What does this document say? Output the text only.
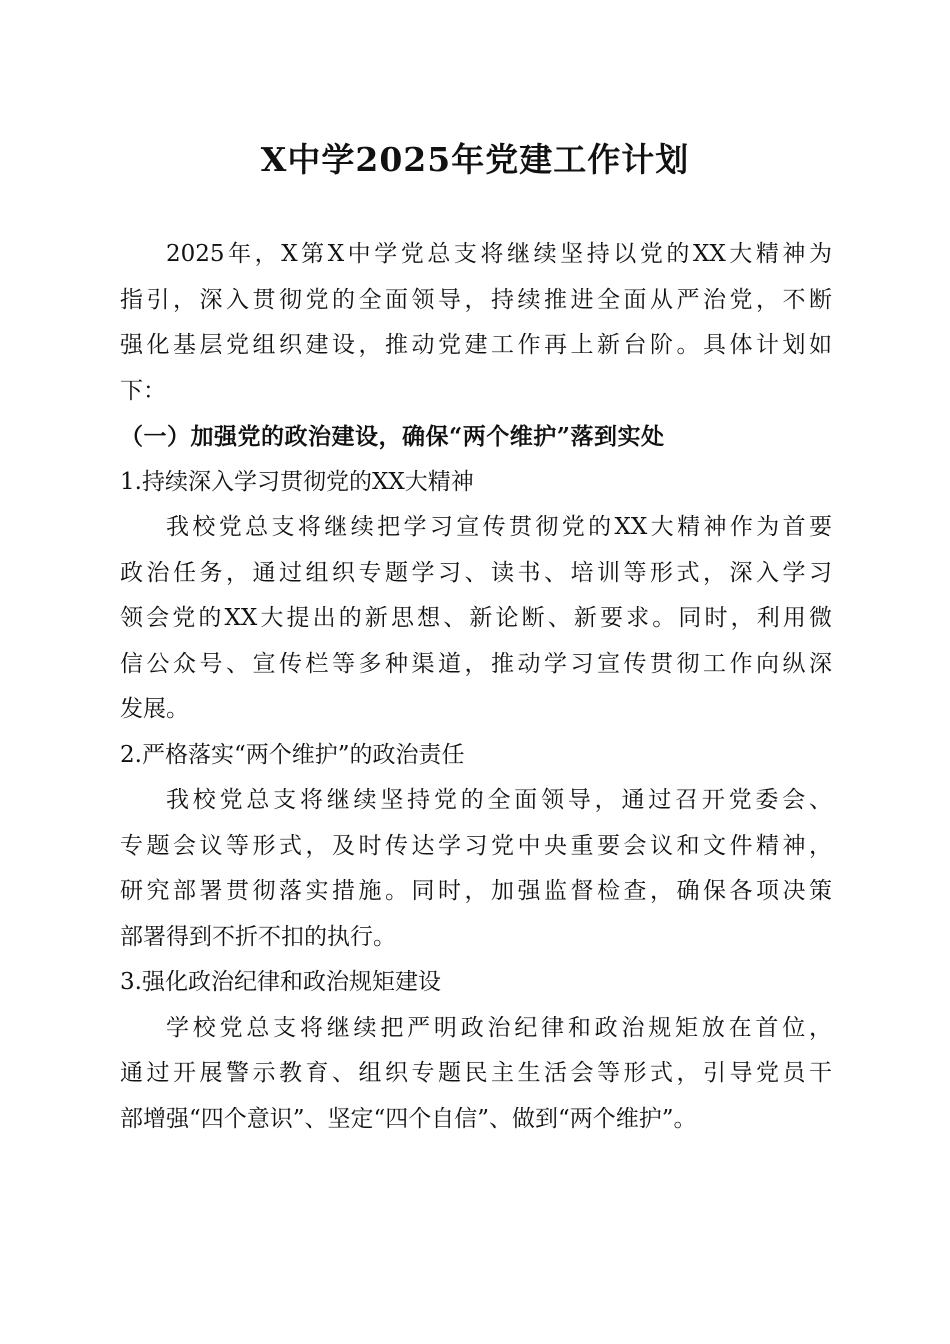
X中学2025年党建工作计划

2025年，X第X中学党总支将继续坚持以党的XX大精神为
指引，深入贯彻党的全面领导，持续推进全面从严治党，不断
强化基层党组织建设，推动党建工作再上新台阶。具体计划如
下：

（一）加强党的政治建设，确保“两个维护”落到实处

1.持续深入学习贯彻党的XX大精神

我校党总支将继续把学习宣传贯彻党的XX大精神作为首要
政治任务，通过组织专题学习、读书、培训等形式，深入学习
领会党的XX大提出的新思想、新论断、新要求。同时，利用微
信公众号、宣传栏等多种渠道，推动学习宣传贯彻工作向纵深
发展。

2.严格落实“两个维护”的政治责任

我校党总支将继续坚持党的全面领导，通过召开党委会、
专题会议等形式，及时传达学习党中央重要会议和文件精神，
研究部署贯彻落实措施。同时，加强监督检查，确保各项决策
部署得到不折不扣的执行。

3.强化政治纪律和政治规矩建设

学校党总支将继续把严明政治纪律和政治规矩放在首位，
通过开展警示教育、组织专题民主生活会等形式，引导党员干
部增强“四个意识”、坚定“四个自信”、做到“两个维护”。
